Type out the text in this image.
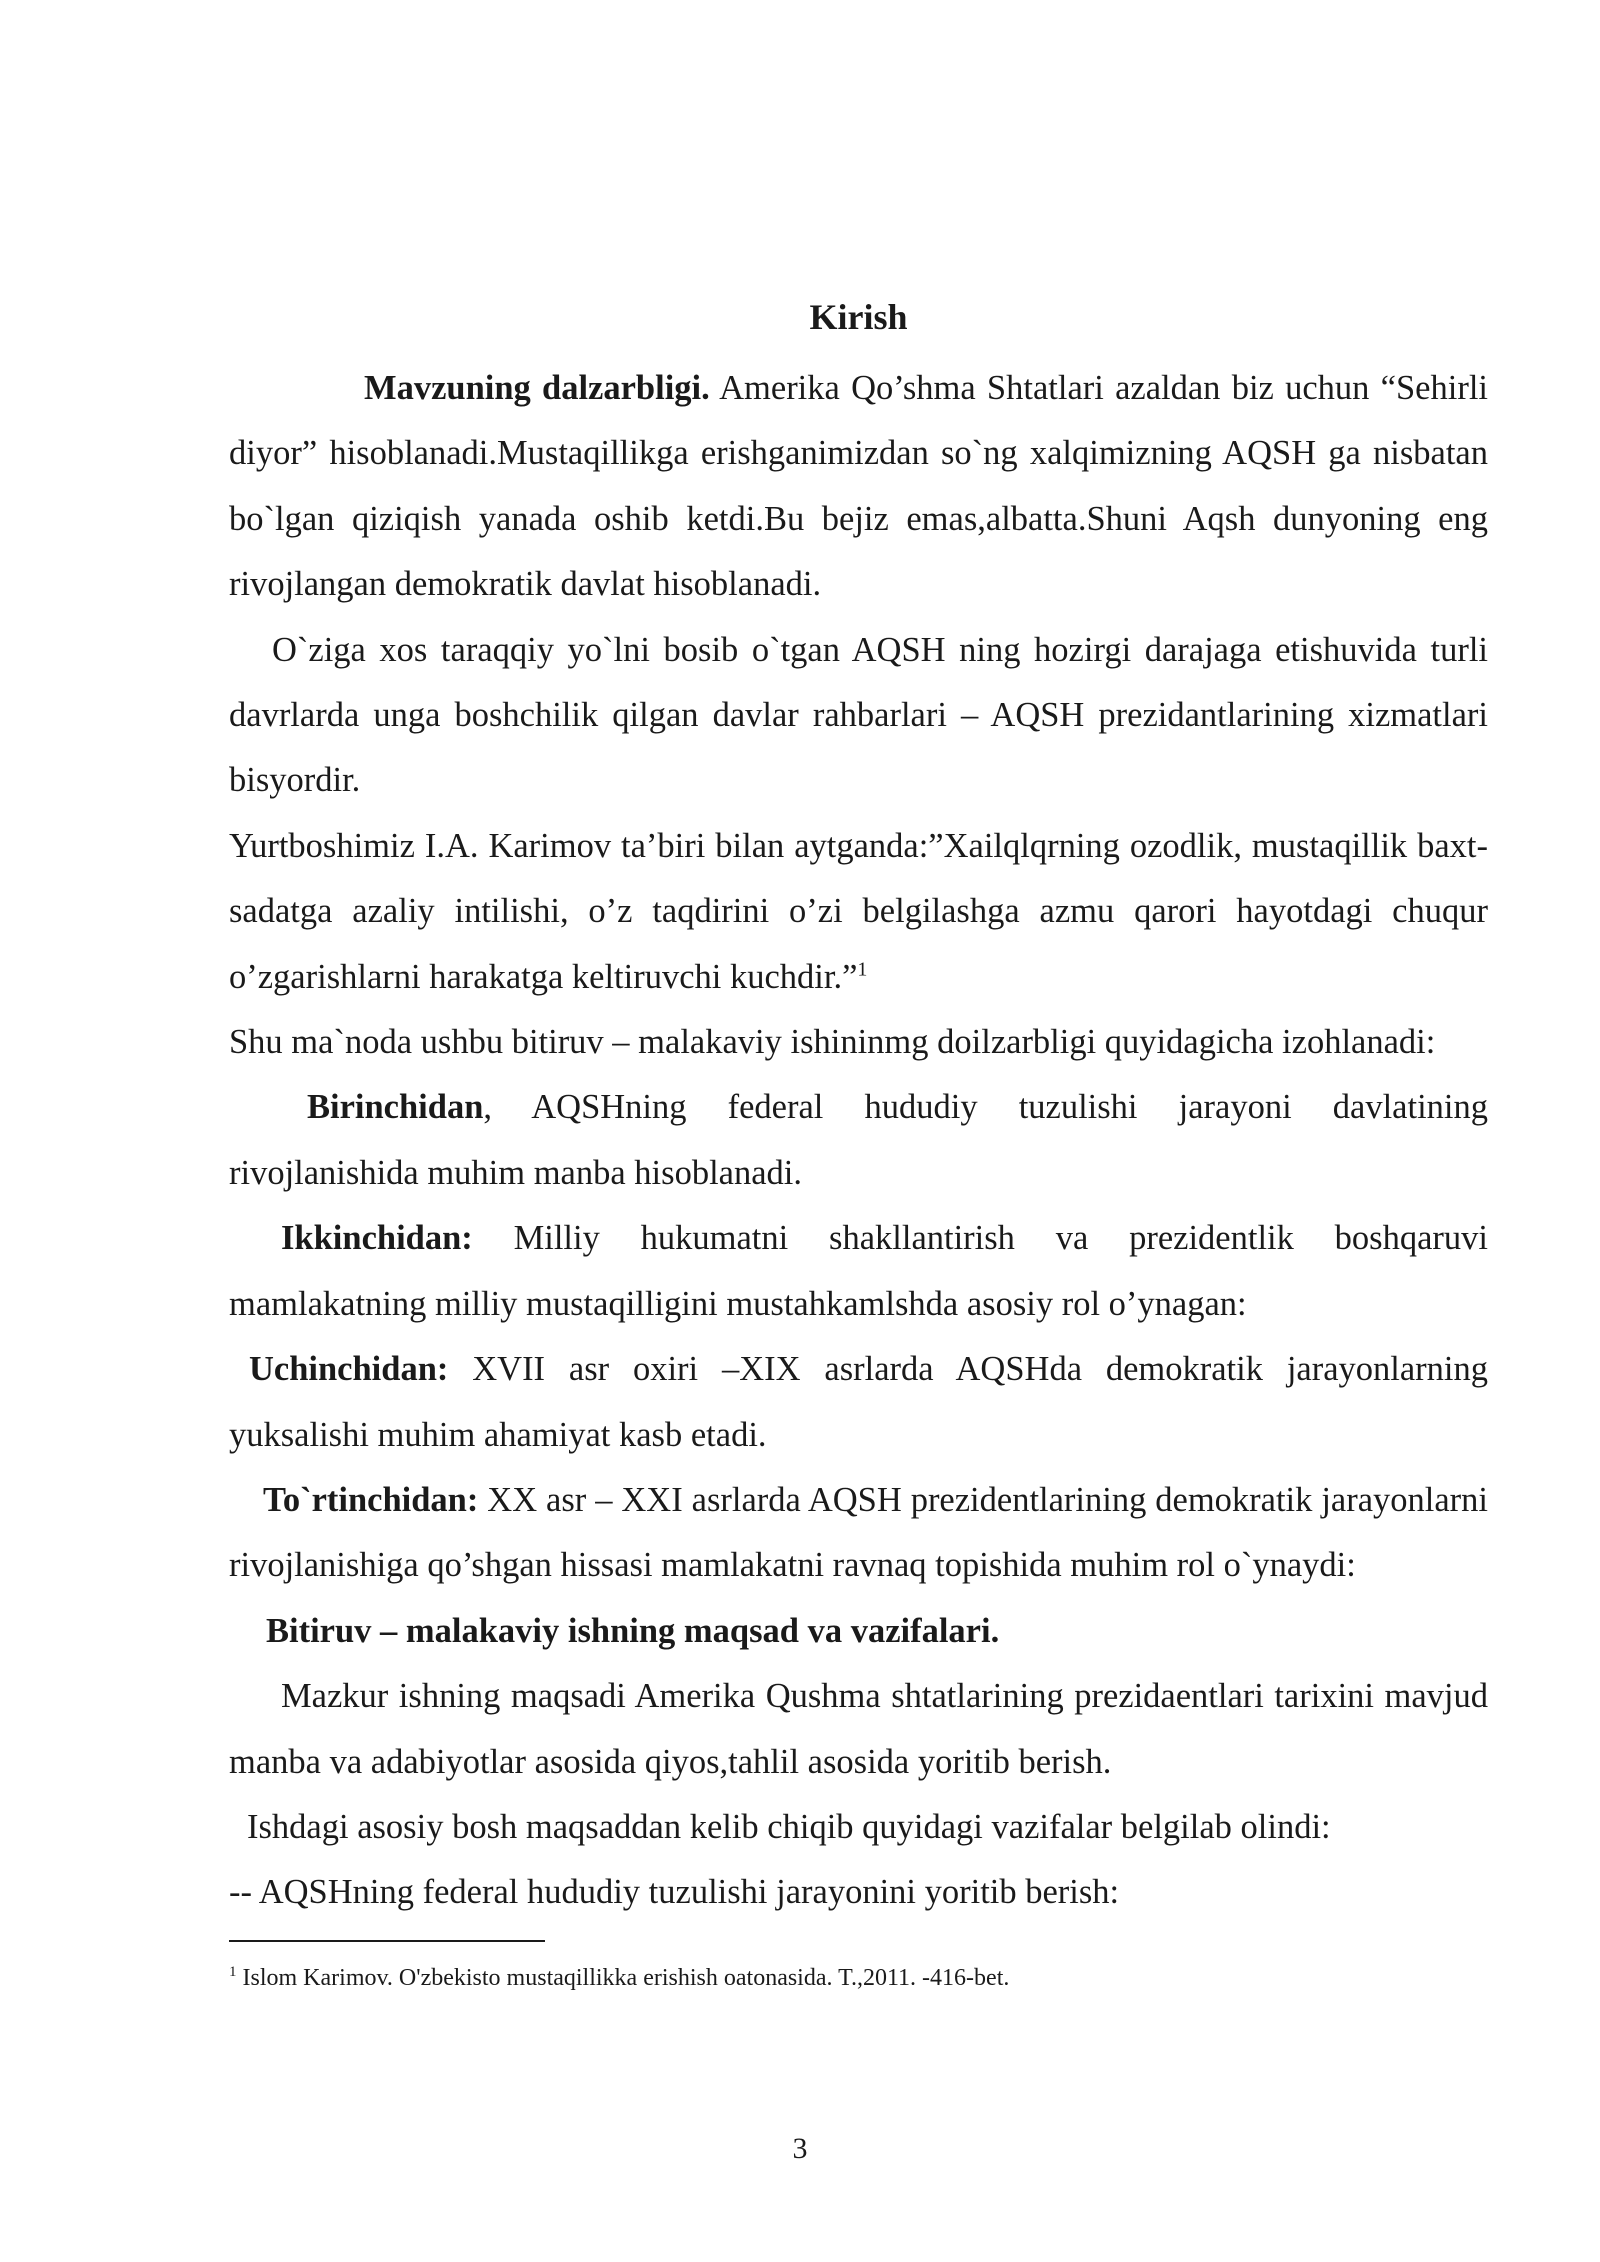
Kirish

Mavzuning dalzarbligi. Amerika Qo’shma Shtatlari azaldan biz uchun “Sehirli diyor” hisoblanadi.Mustaqillikga erishganimizdan so`ng xalqimizning AQSH ga nisbatan bo`lgan qiziqish yanada oshib ketdi.Bu bejiz emas,albatta.Shuni Aqsh dunyoning eng rivojlangan demokratik davlat hisoblanadi.

O`ziga xos taraqqiy yo`lni bosib o`tgan AQSH ning hozirgi darajaga etishuvida turli davrlarda unga boshchilik qilgan davlar rahbarlari – AQSH prezidantlarining xizmatlari bisyordir.

Yurtboshimiz I.A. Karimov ta’biri bilan aytganda:”Xailqlqrning ozodlik, mustaqillik baxt-sadatga azaliy intilishi, o’z taqdirini o’zi belgilashga azmu qarori hayotdagi chuqur o’zgarishlarni harakatga keltiruvchi kuchdir.”$^1$

Shu ma`noda ushbu bitiruv – malakaviy ishininmg doilzarbligi quyidagicha izohlanadi:

Birinchidan, AQSHning federal hududiy tuzulishi jarayoni davlatining rivojlanishida muhim manba hisoblanadi.

Ikkinchidan: Milliy hukumatni shakllantirish va prezidentlik boshqaruvi mamlakatning milliy mustaqilligini mustahkamlshda asosiy rol o’ynagan:

Uchinchidan: XVII asr oxiri –XIX asrlarda AQSHda demokratik jarayonlarning yuksalishi muhim ahamiyat kasb etadi.

To`rtinchidan: XX asr – XXI asrlarda AQSH prezidentlarining demokratik jarayonlarni rivojlanishiga qo’shgan hissasi mamlakatni ravnaq topishida muhim rol o`ynaydi:

Bitiruv – malakaviy ishning maqsad va vazifalari.

Mazkur ishning maqsadi Amerika Qushma shtatlarining prezidaentlari tarixini mavjud manba va adabiyotlar asosida qiyos,tahlil asosida yoritib berish.

Ishdagi asosiy bosh maqsaddan kelib chiqib quyidagi vazifalar belgilab olindi:

-- AQSHning federal hududiy tuzulishi jarayonini yoritib berish:

$^1$ Islom Karimov. O'zbekisto mustaqillikka erishish oatonasida. T.,2011. -416-bet.
3
